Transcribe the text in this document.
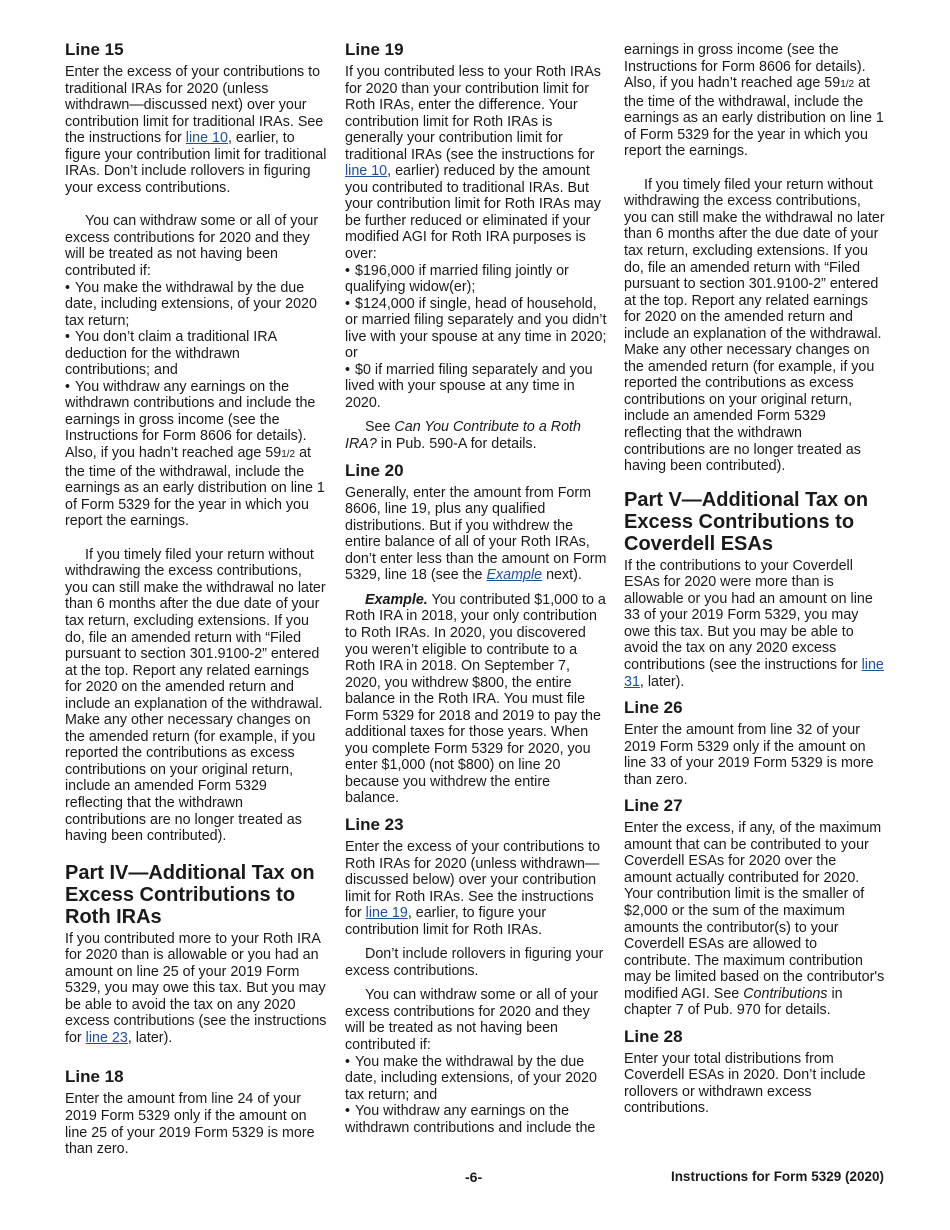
Line 15

Enter the excess of your contributions to traditional IRAs for 2020 (unless withdrawn—discussed next) over your contribution limit for traditional IRAs. See the instructions for line 10, earlier, to figure your contribution limit for traditional IRAs. Don’t include rollovers in figuring your excess contributions.

You can withdraw some or all of your excess contributions for 2020 and they will be treated as not having been contributed if:

• You make the withdrawal by the due date, including extensions, of your 2020 tax return;

• You don’t claim a traditional IRA deduction for the withdrawn contributions; and

• You withdraw any earnings on the withdrawn contributions and include the earnings in gross income (see the Instructions for Form 8606 for details). Also, if you hadn’t reached age 591/2 at the time of the withdrawal, include the earnings as an early distribution on line 1 of Form 5329 for the year in which you report the earnings.

If you timely filed your return without withdrawing the excess contributions, you can still make the withdrawal no later than 6 months after the due date of your tax return, excluding extensions. If you do, file an amended return with “Filed pursuant to section 301.9100-2” entered at the top. Report any related earnings for 2020 on the amended return and include an explanation of the withdrawal. Make any other necessary changes on the amended return (for example, if you reported the contributions as excess contributions on your original return, include an amended Form 5329 reflecting that the withdrawn contributions are no longer treated as having been contributed).

Part IV—Additional Tax on Excess Contributions to Roth IRAs

If you contributed more to your Roth IRA for 2020 than is allowable or you had an amount on line 25 of your 2019 Form 5329, you may owe this tax. But you may be able to avoid the tax on any 2020 excess contributions (see the instructions for line 23, later).

Line 18

Enter the amount from line 24 of your 2019 Form 5329 only if the amount on line 25 of your 2019 Form 5329 is more than zero.

Line 19

If you contributed less to your Roth IRAs for 2020 than your contribution limit for Roth IRAs, enter the difference. Your contribution limit for Roth IRAs is generally your contribution limit for traditional IRAs (see the instructions for line 10, earlier) reduced by the amount you contributed to traditional IRAs. But your contribution limit for Roth IRAs may be further reduced or eliminated if your modified AGI for Roth IRA purposes is over:

• $196,000 if married filing jointly or qualifying widow(er);

• $124,000 if single, head of household, or married filing separately and you didn’t live with your spouse at any time in 2020; or

• $0 if married filing separately and you lived with your spouse at any time in 2020.

See Can You Contribute to a Roth IRA? in Pub. 590-A for details.

Line 20

Generally, enter the amount from Form 8606, line 19, plus any qualified distributions. But if you withdrew the entire balance of all of your Roth IRAs, don’t enter less than the amount on Form 5329, line 18 (see the Example next).

Example. You contributed $1,000 to a Roth IRA in 2018, your only contribution to Roth IRAs. In 2020, you discovered you weren’t eligible to contribute to a Roth IRA in 2018. On September 7, 2020, you withdrew $800, the entire balance in the Roth IRA. You must file Form 5329 for 2018 and 2019 to pay the additional taxes for those years. When you complete Form 5329 for 2020, you enter $1,000 (not $800) on line 20 because you withdrew the entire balance.

Line 23

Enter the excess of your contributions to Roth IRAs for 2020 (unless withdrawn—discussed below) over your contribution limit for Roth IRAs. See the instructions for line 19, earlier, to figure your contribution limit for Roth IRAs.

Don’t include rollovers in figuring your excess contributions.

You can withdraw some or all of your excess contributions for 2020 and they will be treated as not having been contributed if:

• You make the withdrawal by the due date, including extensions, of your 2020 tax return; and

• You withdraw any earnings on the withdrawn contributions and include the

earnings in gross income (see the Instructions for Form 8606 for details). Also, if you hadn’t reached age 591/2 at the time of the withdrawal, include the earnings as an early distribution on line 1 of Form 5329 for the year in which you report the earnings.

If you timely filed your return without withdrawing the excess contributions, you can still make the withdrawal no later than 6 months after the due date of your tax return, excluding extensions. If you do, file an amended return with “Filed pursuant to section 301.9100-2” entered at the top. Report any related earnings for 2020 on the amended return and include an explanation of the withdrawal. Make any other necessary changes on the amended return (for example, if you reported the contributions as excess contributions on your original return, include an amended Form 5329 reflecting that the withdrawn contributions are no longer treated as having been contributed).

Part V—Additional Tax on Excess Contributions to Coverdell ESAs

If the contributions to your Coverdell ESAs for 2020 were more than is allowable or you had an amount on line 33 of your 2019 Form 5329, you may owe this tax. But you may be able to avoid the tax on any 2020 excess contributions (see the instructions for line 31, later).

Line 26

Enter the amount from line 32 of your 2019 Form 5329 only if the amount on line 33 of your 2019 Form 5329 is more than zero.

Line 27

Enter the excess, if any, of the maximum amount that can be contributed to your Coverdell ESAs for 2020 over the amount actually contributed for 2020. Your contribution limit is the smaller of $2,000 or the sum of the maximum amounts the contributor(s) to your Coverdell ESAs are allowed to contribute. The maximum contribution may be limited based on the contributor's modified AGI. See Contributions in chapter 7 of Pub. 970 for details.

Line 28

Enter your total distributions from Coverdell ESAs in 2020. Don’t include rollovers or withdrawn excess contributions.

-6-	Instructions for Form 5329 (2020)
